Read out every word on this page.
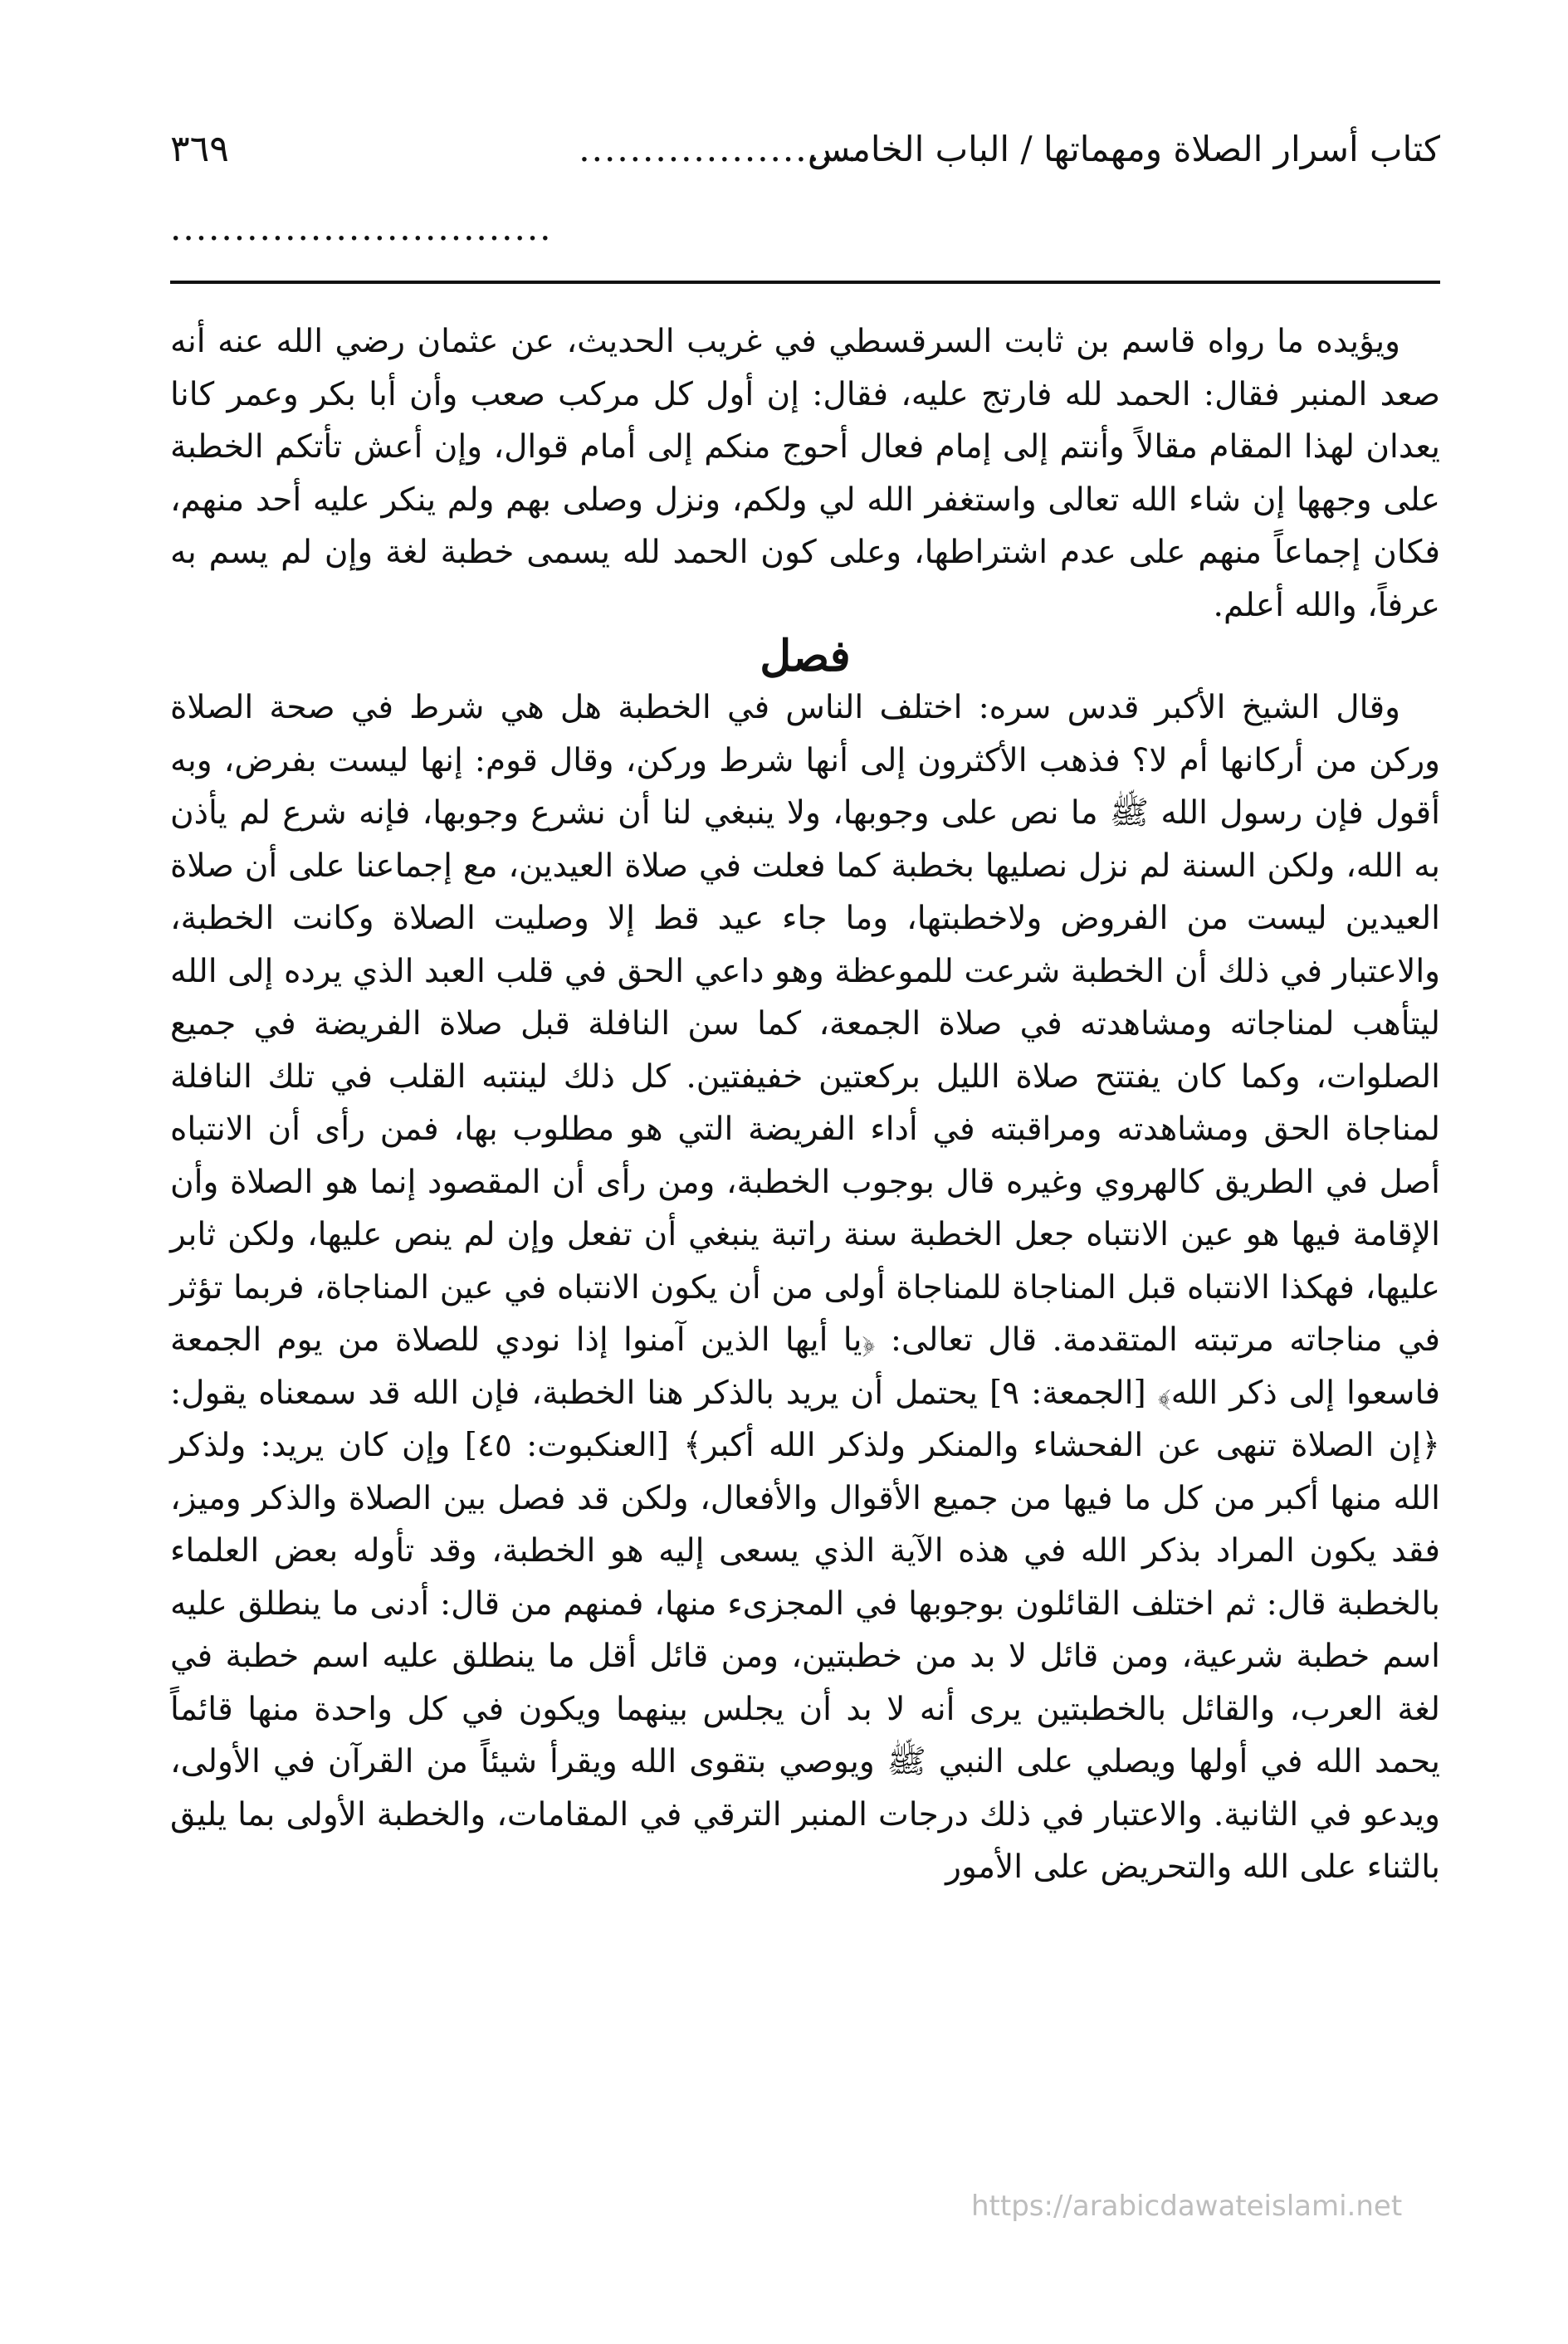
كتاب أسرار الصلاة ومهماتها / الباب الخامس
......................
٣٦٩
..............................

ويؤيده ما رواه قاسم بن ثابت السرقسطي في غريب الحديث، عن عثمان رضي الله عنه أنه صعد المنبر فقال: الحمد لله فارتج عليه، فقال: إن أول كل مركب صعب وأن أبا بكر وعمر كانا يعدان لهذا المقام مقالاً وأنتم إلى إمام فعال أحوج منكم إلى أمام قوال، وإن أعش تأتكم الخطبة على وجهها إن شاء الله تعالى واستغفر الله لي ولكم، ونزل وصلى بهم ولم ينكر عليه أحد منهم، فكان إجماعاً منهم على عدم اشتراطها، وعلى كون الحمد لله يسمى خطبة لغة وإن لم يسم به عرفاً، والله أعلم.

فصل

وقال الشيخ الأكبر قدس سره: اختلف الناس في الخطبة هل هي شرط في صحة الصلاة وركن من أركانها أم لا؟ فذهب الأكثرون إلى أنها شرط وركن، وقال قوم: إنها ليست بفرض، وبه أقول فإن رسول الله ﷺ ما نص على وجوبها، ولا ينبغي لنا أن نشرع وجوبها، فإنه شرع لم يأذن به الله، ولكن السنة لم نزل نصليها بخطبة كما فعلت في صلاة العيدين، مع إجماعنا على أن صلاة العيدين ليست من الفروض ولاخطبتها، وما جاء عيد قط إلا وصليت الصلاة وكانت الخطبة، والاعتبار في ذلك أن الخطبة شرعت للموعظة وهو داعي الحق في قلب العبد الذي يرده إلى الله ليتأهب لمناجاته ومشاهدته في صلاة الجمعة، كما سن النافلة قبل صلاة الفريضة في جميع الصلوات، وكما كان يفتتح صلاة الليل بركعتين خفيفتين. كل ذلك لينتبه القلب في تلك النافلة لمناجاة الحق ومشاهدته ومراقبته في أداء الفريضة التي هو مطلوب بها، فمن رأى أن الانتباه أصل في الطريق كالهروي وغيره قال بوجوب الخطبة، ومن رأى أن المقصود إنما هو الصلاة وأن الإقامة فيها هو عين الانتباه جعل الخطبة سنة راتبة ينبغي أن تفعل وإن لم ينص عليها، ولكن ثابر عليها، فهكذا الانتباه قبل المناجاة للمناجاة أولى من أن يكون الانتباه في عين المناجاة، فربما تؤثر في مناجاته مرتبته المتقدمة. قال تعالى: ﴿يا أيها الذين آمنوا إذا نودي للصلاة من يوم الجمعة فاسعوا إلى ذكر الله﴾ [الجمعة: ٩] يحتمل أن يريد بالذكر هنا الخطبة، فإن الله قد سمعناه يقول: ﴿إن الصلاة تنهى عن الفحشاء والمنكر ولذكر الله أكبر﴾ [العنكبوت: ٤٥] وإن كان يريد: ولذكر الله منها أكبر من كل ما فيها من جميع الأقوال والأفعال، ولكن قد فصل بين الصلاة والذكر وميز، فقد يكون المراد بذكر الله في هذه الآية الذي يسعى إليه هو الخطبة، وقد تأوله بعض العلماء بالخطبة قال: ثم اختلف القائلون بوجوبها في المجزىء منها، فمنهم من قال: أدنى ما ينطلق عليه اسم خطبة شرعية، ومن قائل لا بد من خطبتين، ومن قائل أقل ما ينطلق عليه اسم خطبة في لغة العرب، والقائل بالخطبتين يرى أنه لا بد أن يجلس بينهما ويكون في كل واحدة منها قائماً يحمد الله في أولها ويصلي على النبي ﷺ ويوصي بتقوى الله ويقرأ شيئاً من القرآن في الأولى، ويدعو في الثانية. والاعتبار في ذلك درجات المنبر الترقي في المقامات، والخطبة الأولى بما يليق بالثناء على الله والتحريض على الأمور

https://arabicdawateislami.net
